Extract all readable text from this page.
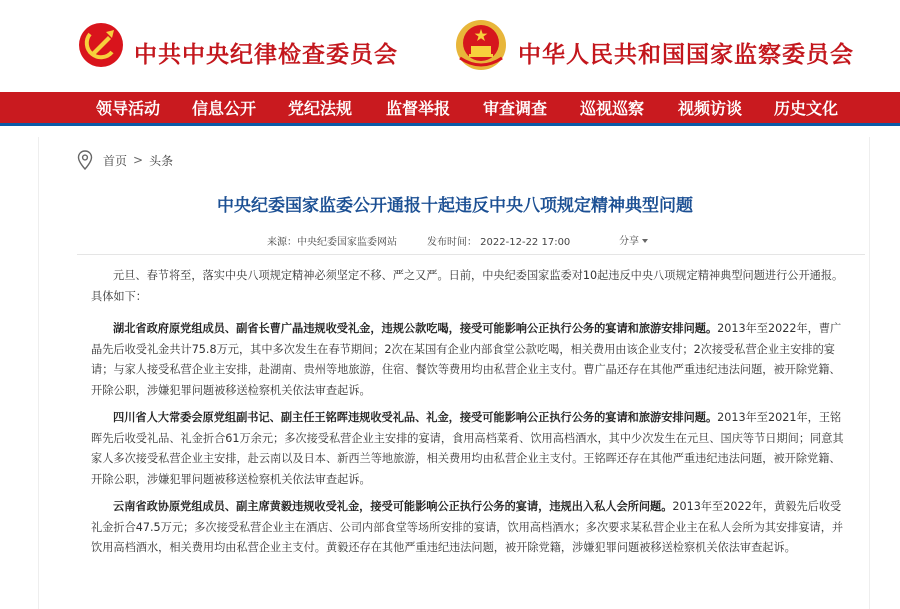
中共中央纪律检查委员会	中华人民共和国国家监察委员会
领导活动 信息公开 党纪法规 监督举报 审查调查 巡视巡察 视频访谈 历史文化
首页 > 头条
中央纪委国家监委公开通报十起违反中央八项规定精神典型问题
来源：中央纪委国家监委网站	发布时间： 2022-12-22 17:00	分享

元旦、春节将至，落实中央八项规定精神必须坚定不移、严之又严。日前，中央纪委国家监委对10起违反中央八项规定精神典型问题进行公开通报。具体如下：

湖北省政府原党组成员、副省长曹广晶违规收受礼金，违规公款吃喝，接受可能影响公正执行公务的宴请和旅游安排问题。2013年至2022年，曹广晶先后收受礼金共计75.8万元，其中多次发生在春节期间；2次在某国有企业内部食堂公款吃喝，相关费用由该企业支付；2次接受私营企业主安排的宴请；与家人接受私营企业主安排，赴湖南、贵州等地旅游，住宿、餐饮等费用均由私营企业主支付。曹广晶还存在其他严重违纪违法问题，被开除党籍、开除公职，涉嫌犯罪问题被移送检察机关依法审查起诉。

四川省人大常委会原党组副书记、副主任王铭晖违规收受礼品、礼金，接受可能影响公正执行公务的宴请和旅游安排问题。2013年至2021年，王铭晖先后收受礼品、礼金折合61万余元；多次接受私营企业主安排的宴请，食用高档菜肴、饮用高档酒水，其中少次发生在元旦、国庆等节日期间；同意其家人多次接受私营企业主安排，赴云南以及日本、新西兰等地旅游，相关费用均由私营企业主支付。王铭晖还存在其他严重违纪违法问题，被开除党籍、开除公职，涉嫌犯罪问题被移送检察机关依法审查起诉。

云南省政协原党组成员、副主席黄毅违规收受礼金，接受可能影响公正执行公务的宴请，违规出入私人会所问题。2013年至2022年，黄毅先后收受礼金折合47.5万元；多次接受私营企业主在酒店、公司内部食堂等场所安排的宴请，饮用高档酒水；多次要求某私营企业主在私人会所为其安排宴请，并饮用高档酒水，相关费用均由私营企业主支付。黄毅还存在其他严重违纪违法问题，被开除党籍，涉嫌犯罪问题被移送检察机关依法审查起诉。
